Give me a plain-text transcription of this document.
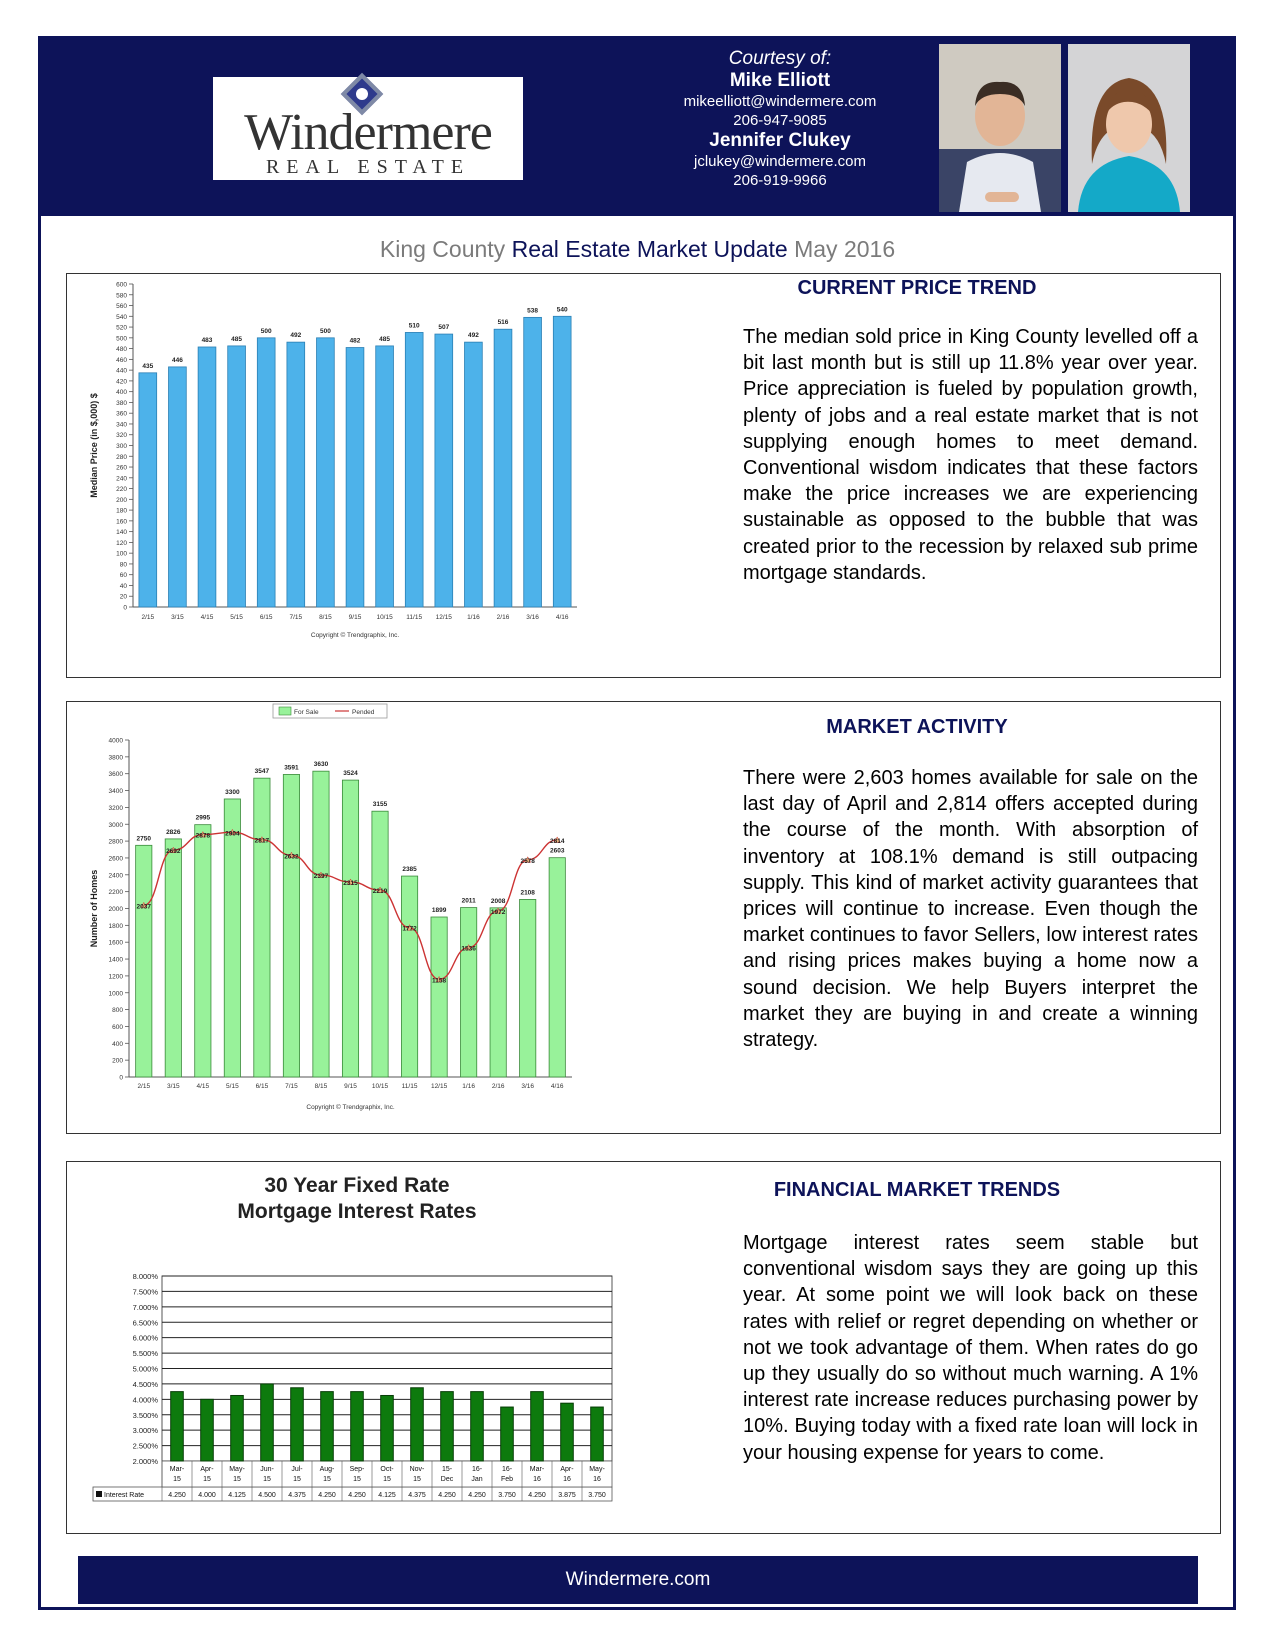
Windermere
REAL ESTATE
Courtesy of:
Mike Elliott
mikeelliott@windermere.com
206-947-9085
Jennifer Clukey
jclukey@windermere.com
206-919-9966
King County Real Estate Market Update May 2016
0
20
40
60
80
100
120
140
160
180
200
220
240
260
280
300
320
340
360
380
400
420
440
460
480
500
520
540
560
580
600
435
2/15
446
3/15
483
4/15
485
5/15
500
6/15
492
7/15
500
8/15
482
9/15
485
10/15
510
11/15
507
12/15
492
1/16
516
2/16
538
3/16
540
4/16
Median Price (in $,000) $
Copyright © Trendgraphix, Inc.
CURRENT PRICE TREND
The median sold price in King County levelled off a bit last month but is still up 11.8% year over year. Price appreciation is fueled by population growth, plenty of jobs and a real estate market that is not supplying enough homes to meet demand. Conventional wisdom indicates that these factors make the price increases we are experiencing sustainable as opposed to the bubble that was created prior to the recession by relaxed sub prime mortgage standards.
For Sale	Pended
0
200
400
600
800
1000
1200
1400
1600
1800
2000
2200
2400
2600
2800
3000
3200
3400
3600
3800
4000
2750
2/15
2826
3/15
2995
4/15
3300
5/15
3547
6/15
3591
7/15
3630
8/15
3524
9/15
3155
10/15
2385
11/15
1899
12/15
2011
1/16
2008
2/16
2108
3/16
2603
4/16
2037
2692
2878 2904
2817
2632
2397
2315
2219
1772
1158
1536
1972
2578
2814
Number of Homes
Copyright © Trendgraphix, Inc.
MARKET ACTIVITY
There were 2,603 homes available for sale on the last day of April and 2,814 offers accepted during the course of the month. With absorption of inventory at 108.1% demand is still outpacing supply. This kind of market activity guarantees that prices will continue to increase. Even though the market continues to favor Sellers, low interest rates and rising prices makes buying a home now a sound decision. We help Buyers interpret the market they are buying in and create a winning strategy.
30 Year Fixed Rate
Mortgage Interest Rates
2.000%
2.500%
3.000%
3.500%
4.000%
4.500%
5.000%
5.500%
6.000%
6.500%
7.000%
7.500%
8.000%
Interest Rate
Mar-
15
4.250
Apr-
15
4.000
May-
15
4.125
Jun-
15
4.500
Jul-
15
4.375
Aug-
15
4.250
Sep-
15
4.250
Oct-
15
4.125
Nov-
15
4.375
15-
Dec
4.250
16-
Jan
4.250
16-
Feb
3.750
Mar-
16
4.250
Apr-
16
3.875
May-
16
3.750
FINANCIAL MARKET TRENDS
Mortgage interest rates seem stable but conventional wisdom says they are going up this year. At some point we will look back on these rates with relief or regret depending on whether or not we took advantage of them. When rates do go up they usually do so without much warning. A 1% interest rate increase reduces purchasing power by 10%. Buying today with a fixed rate loan will lock in your housing expense for years to come.
Windermere.com
